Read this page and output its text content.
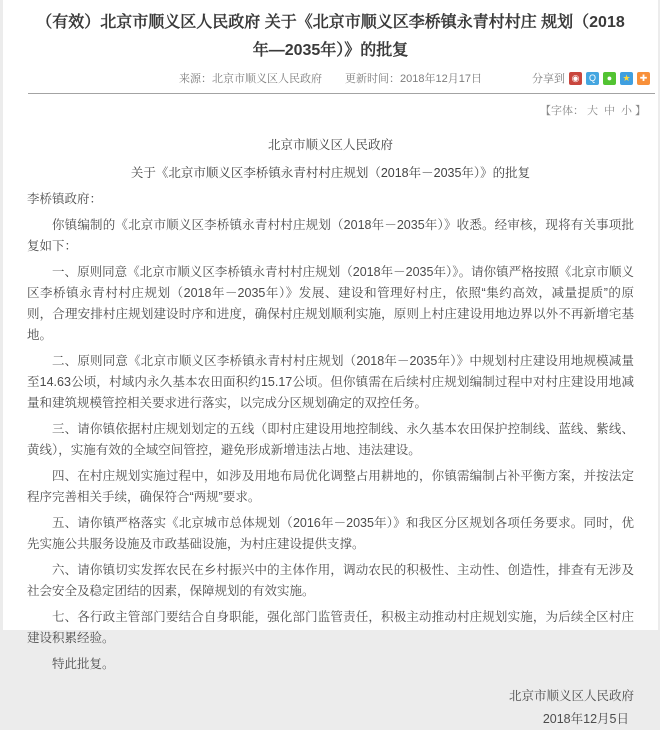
（有效）北京市顺义区人民政府 关于《北京市顺义区李桥镇永青村村庄 规划（2018年—2035年）》的批复
来源：北京市顺义区人民政府 更新时间：2018年12月17日	分享到 ◉	Q	●	★	✚
【字体： 大 中 小 】

北京市顺义区人民政府

关于《北京市顺义区李桥镇永青村村庄规划（2018年－2035年）》的批复

李桥镇政府：

你镇编制的《北京市顺义区李桥镇永青村村庄规划（2018年－2035年）》收悉。经审核，现将有关事项批复如下：

一、原则同意《北京市顺义区李桥镇永青村村庄规划（2018年－2035年）》。请你镇严格按照《北京市顺义区李桥镇永青村村庄规划（2018年－2035年）》发展、建设和管理好村庄，依照“集约高效，减量提质”的原则，合理安排村庄规划建设时序和进度，确保村庄规划顺利实施，原则上村庄建设用地边界以外不再新增宅基地。

二、原则同意《北京市顺义区李桥镇永青村村庄规划（2018年－2035年）》中规划村庄建设用地规模减量至14.63公顷，村域内永久基本农田面积约15.17公顷。但你镇需在后续村庄规划编制过程中对村庄建设用地减量和建筑规模管控相关要求进行落实，以完成分区规划确定的双控任务。

三、请你镇依据村庄规划划定的五线（即村庄建设用地控制线、永久基本农田保护控制线、蓝线、紫线、黄线），实施有效的全域空间管控，避免形成新增违法占地、违法建设。

四、在村庄规划实施过程中，如涉及用地布局优化调整占用耕地的，你镇需编制占补平衡方案，并按法定程序完善相关手续，确保符合“两规”要求。

五、请你镇严格落实《北京城市总体规划（2016年－2035年）》和我区分区规划各项任务要求。同时，优先实施公共服务设施及市政基础设施，为村庄建设提供支撑。

六、请你镇切实发挥农民在乡村振兴中的主体作用，调动农民的积极性、主动性、创造性，排查有无涉及社会安全及稳定团结的因素，保障规划的有效实施。

七、各行政主管部门要结合自身职能，强化部门监管责任，积极主动推动村庄规划实施，为后续全区村庄建设积累经验。

特此批复。

北京市顺义区人民政府

2018年12月5日
